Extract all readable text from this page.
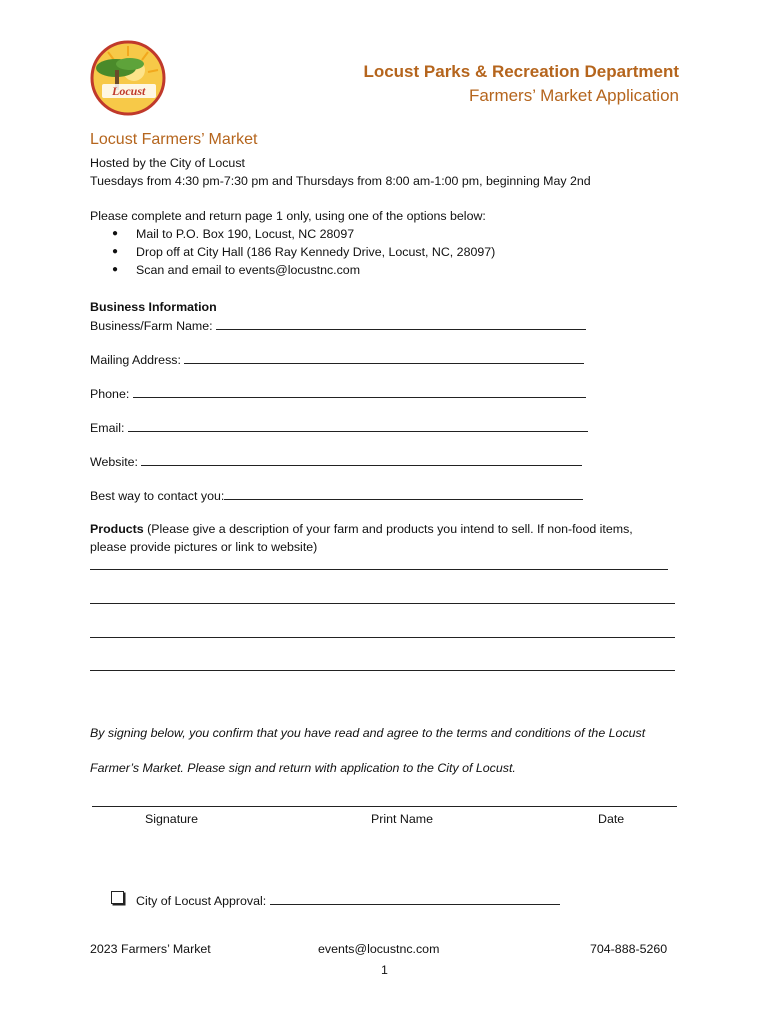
Locust
Locust Parks & Recreation Department
Farmers’ Market Application
Locust Farmers’ Market
Hosted by the City of Locust
Tuesdays from 4:30 pm-7:30 pm and Thursdays from 8:00 am-1:00 pm, beginning May 2nd
Please complete and return page 1 only, using one of the options below:
● Mail to P.O. Box 190, Locust, NC 28097
● Drop off at City Hall (186 Ray Kennedy Drive, Locust, NC, 28097)
● Scan and email to events@locustnc.com
Business Information
Business/Farm Name:
Mailing Address:
Phone:
Email:
Website:
Best way to contact you:
Products (Please give a description of your farm and products you intend to sell. If non-food items,
please provide pictures or link to website)
By signing below, you confirm that you have read and agree to the terms and conditions of the Locust
Farmer’s Market. Please sign and return with application to the City of Locust.
Signature	Print Name	Date
City of Locust Approval:
2023 Farmers’ Market	events@locustnc.com	704-888-5260
1
